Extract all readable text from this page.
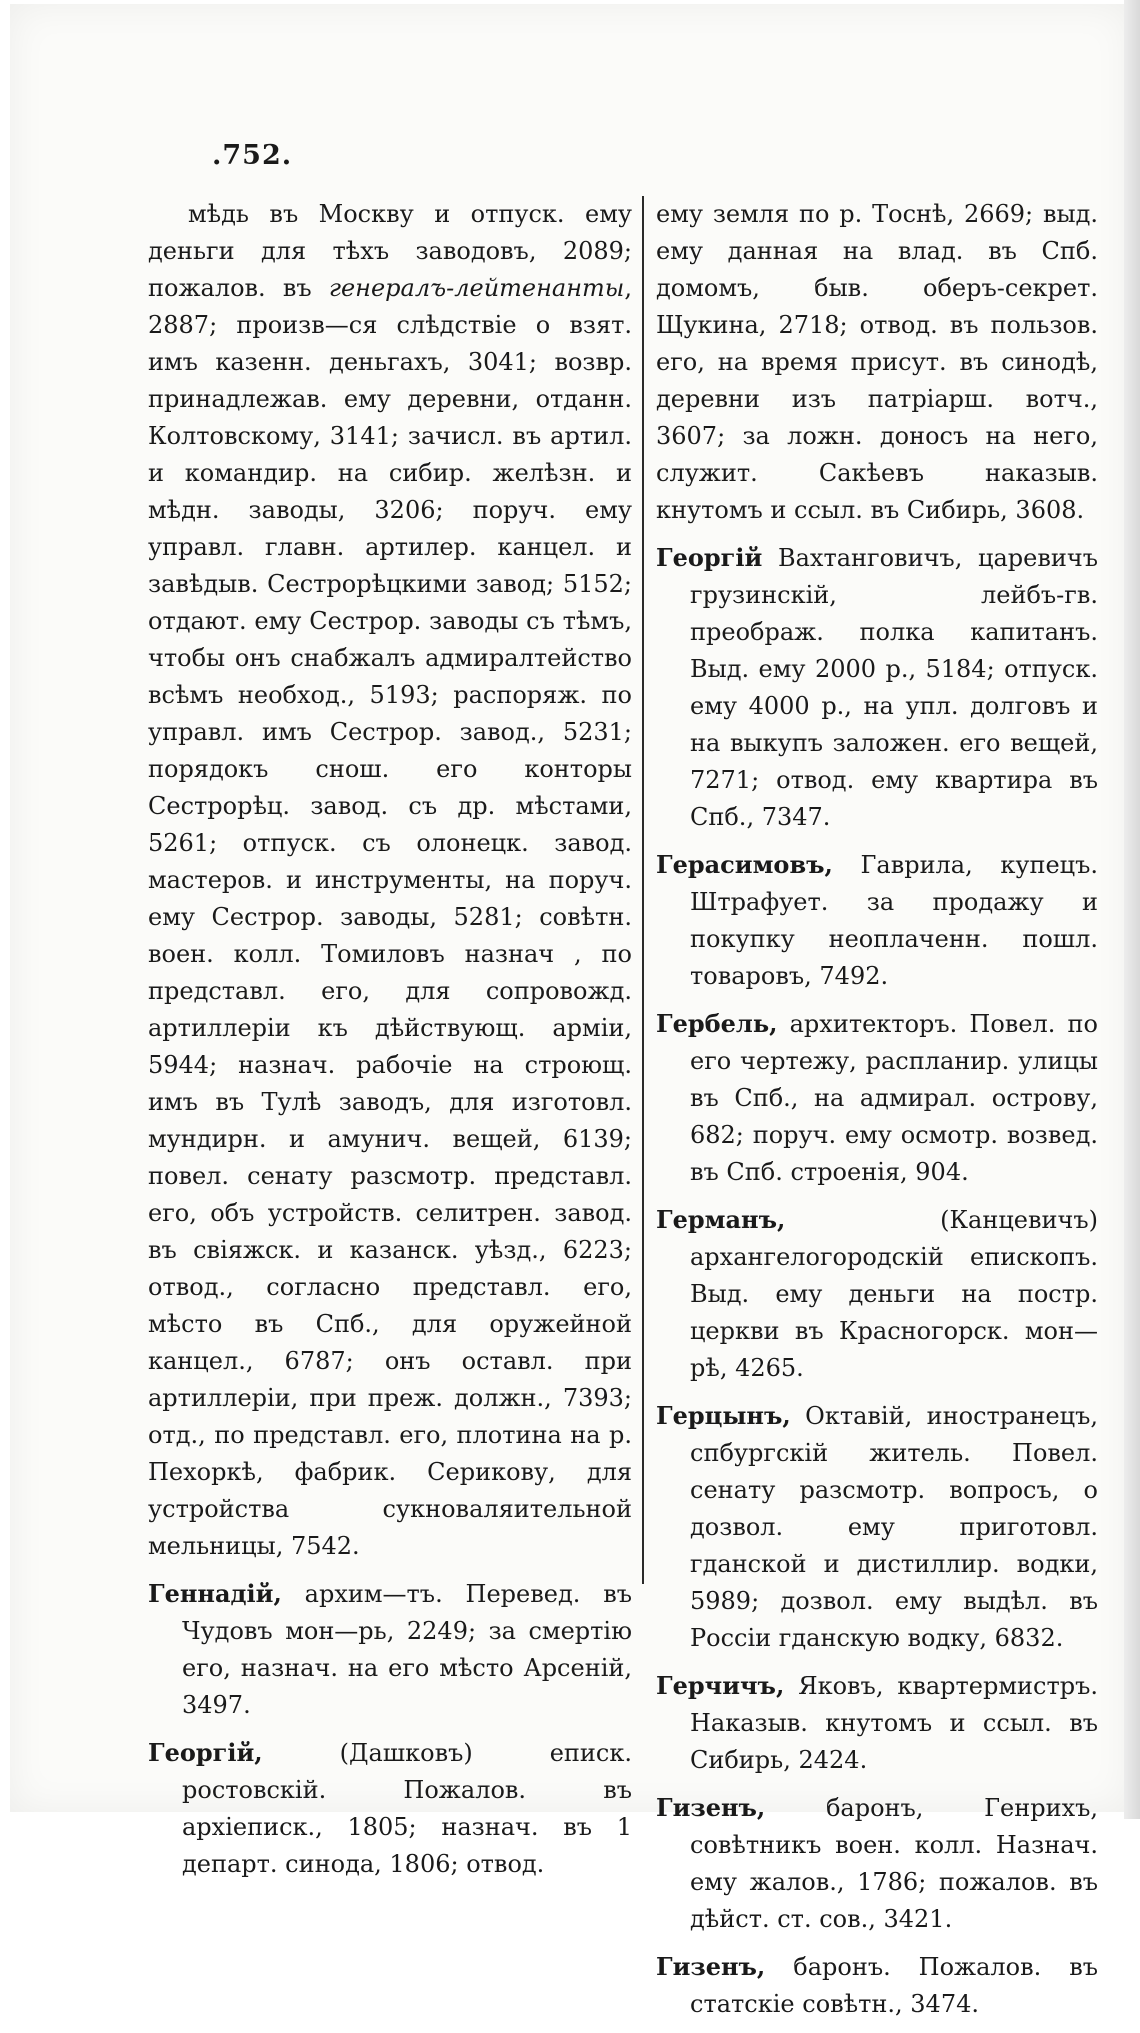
.752.

мѣдь въ Москву и отпуск. ему деньги для тѣхъ заводовъ, 2089; пожалов. въ генералъ-лейтенанты, 2887; произв—ся слѣдствіе о взят. имъ казенн. деньгахъ, 3041; возвр. принадлежав. ему деревни, отданн. Колтовскому, 3141; зачисл. въ артил. и командир. на сибир. желѣзн. и мѣдн. заводы, 3206; поруч. ему управл. главн. артилер. канцел. и завѣдыв. Сестрорѣцкими завод; 5152; отдают. ему Сестрор. заводы съ тѣмъ, чтобы онъ снабжалъ адмиралтейство всѣмъ необход., 5193; распоряж. по управл. имъ Сестрор. завод., 5231; порядокъ снош. его конторы Сестрорѣц. завод. съ др. мѣстами, 5261; отпуск. съ олонецк. завод. мастеров. и инструменты, на поруч. ему Сестрор. заводы, 5281; совѣтн. воен. колл. Томиловъ назнач , по представл. его, для сопровожд. артиллеріи къ дѣйствующ. арміи, 5944; назнач. рабочіе на строющ. имъ въ Тулѣ заводъ, для изготовл. мундирн. и амунич. вещей, 6139; повел. сенату разсмотр. представл. его, объ устройств. селитрен. завод. въ свіяжск. и казанск. уѣзд., 6223; отвод., согласно представл. его, мѣсто въ Спб., для оружейной канцел., 6787; онъ оставл. при артиллеріи, при преж. должн., 7393; отд., по представл. его, плотина на р. Пехоркѣ, фабрик. Серикову, для устройства сукноваляительной мельницы, 7542.

Геннадій, архим—тъ. Перевед. въ Чудовъ мон—рь, 2249; за смертію его, назнач. на его мѣсто Арсеній, 3497.

Георгій, (Дашковъ) еписк. ростовскій. Пожалов. въ архіеписк., 1805; назнач. въ 1 департ. синода, 1806; отвод.

ему земля по р. Тоснѣ, 2669; выд. ему данная на влад. въ Спб. домомъ, быв. оберъ-секрет. Щукина, 2718; отвод. въ пользов. его, на время присут. въ синодѣ, деревни изъ патріарш. вотч., 3607; за ложн. доносъ на него, служит. Сакѣевъ наказыв. кнутомъ и ссыл. въ Сибирь, 3608.

Георгій Вахтанговичъ, царевичъ грузинскій, лейбъ-гв. преображ. полка капитанъ. Выд. ему 2000 р., 5184; отпуск. ему 4000 р., на упл. долговъ и на выкупъ заложен. его вещей, 7271; отвод. ему квартира въ Спб., 7347.

Герасимовъ, Гаврила, купецъ. Штрафует. за продажу и покупку неоплаченн. пошл. товаровъ, 7492.

Гербель, архитекторъ. Повел. по его чертежу, распланир. улицы въ Спб., на адмирал. острову, 682; поруч. ему осмотр. возвед. въ Спб. строенія, 904.

Германъ, (Канцевичъ) архангелогородскій епископъ. Выд. ему деньги на постр. церкви въ Красногорск. мон—рѣ, 4265.

Герцынъ, Октавій, иностранецъ, спбургскій житель. Повел. сенату разсмотр. вопросъ, о дозвол. ему приготовл. гданской и дистиллир. водки, 5989; дозвол. ему выдѣл. въ Россіи гданскую водку, 6832.

Герчичъ, Яковъ, квартермистръ. Наказыв. кнутомъ и ссыл. въ Сибирь, 2424.

Гизенъ, баронъ, Генрихъ, совѣтникъ воен. колл. Назнач. ему жалов., 1786; пожалов. въ дѣйст. ст. сов., 3421.

Гизенъ, баронъ. Пожалов. въ статскіе совѣтн., 3474.
